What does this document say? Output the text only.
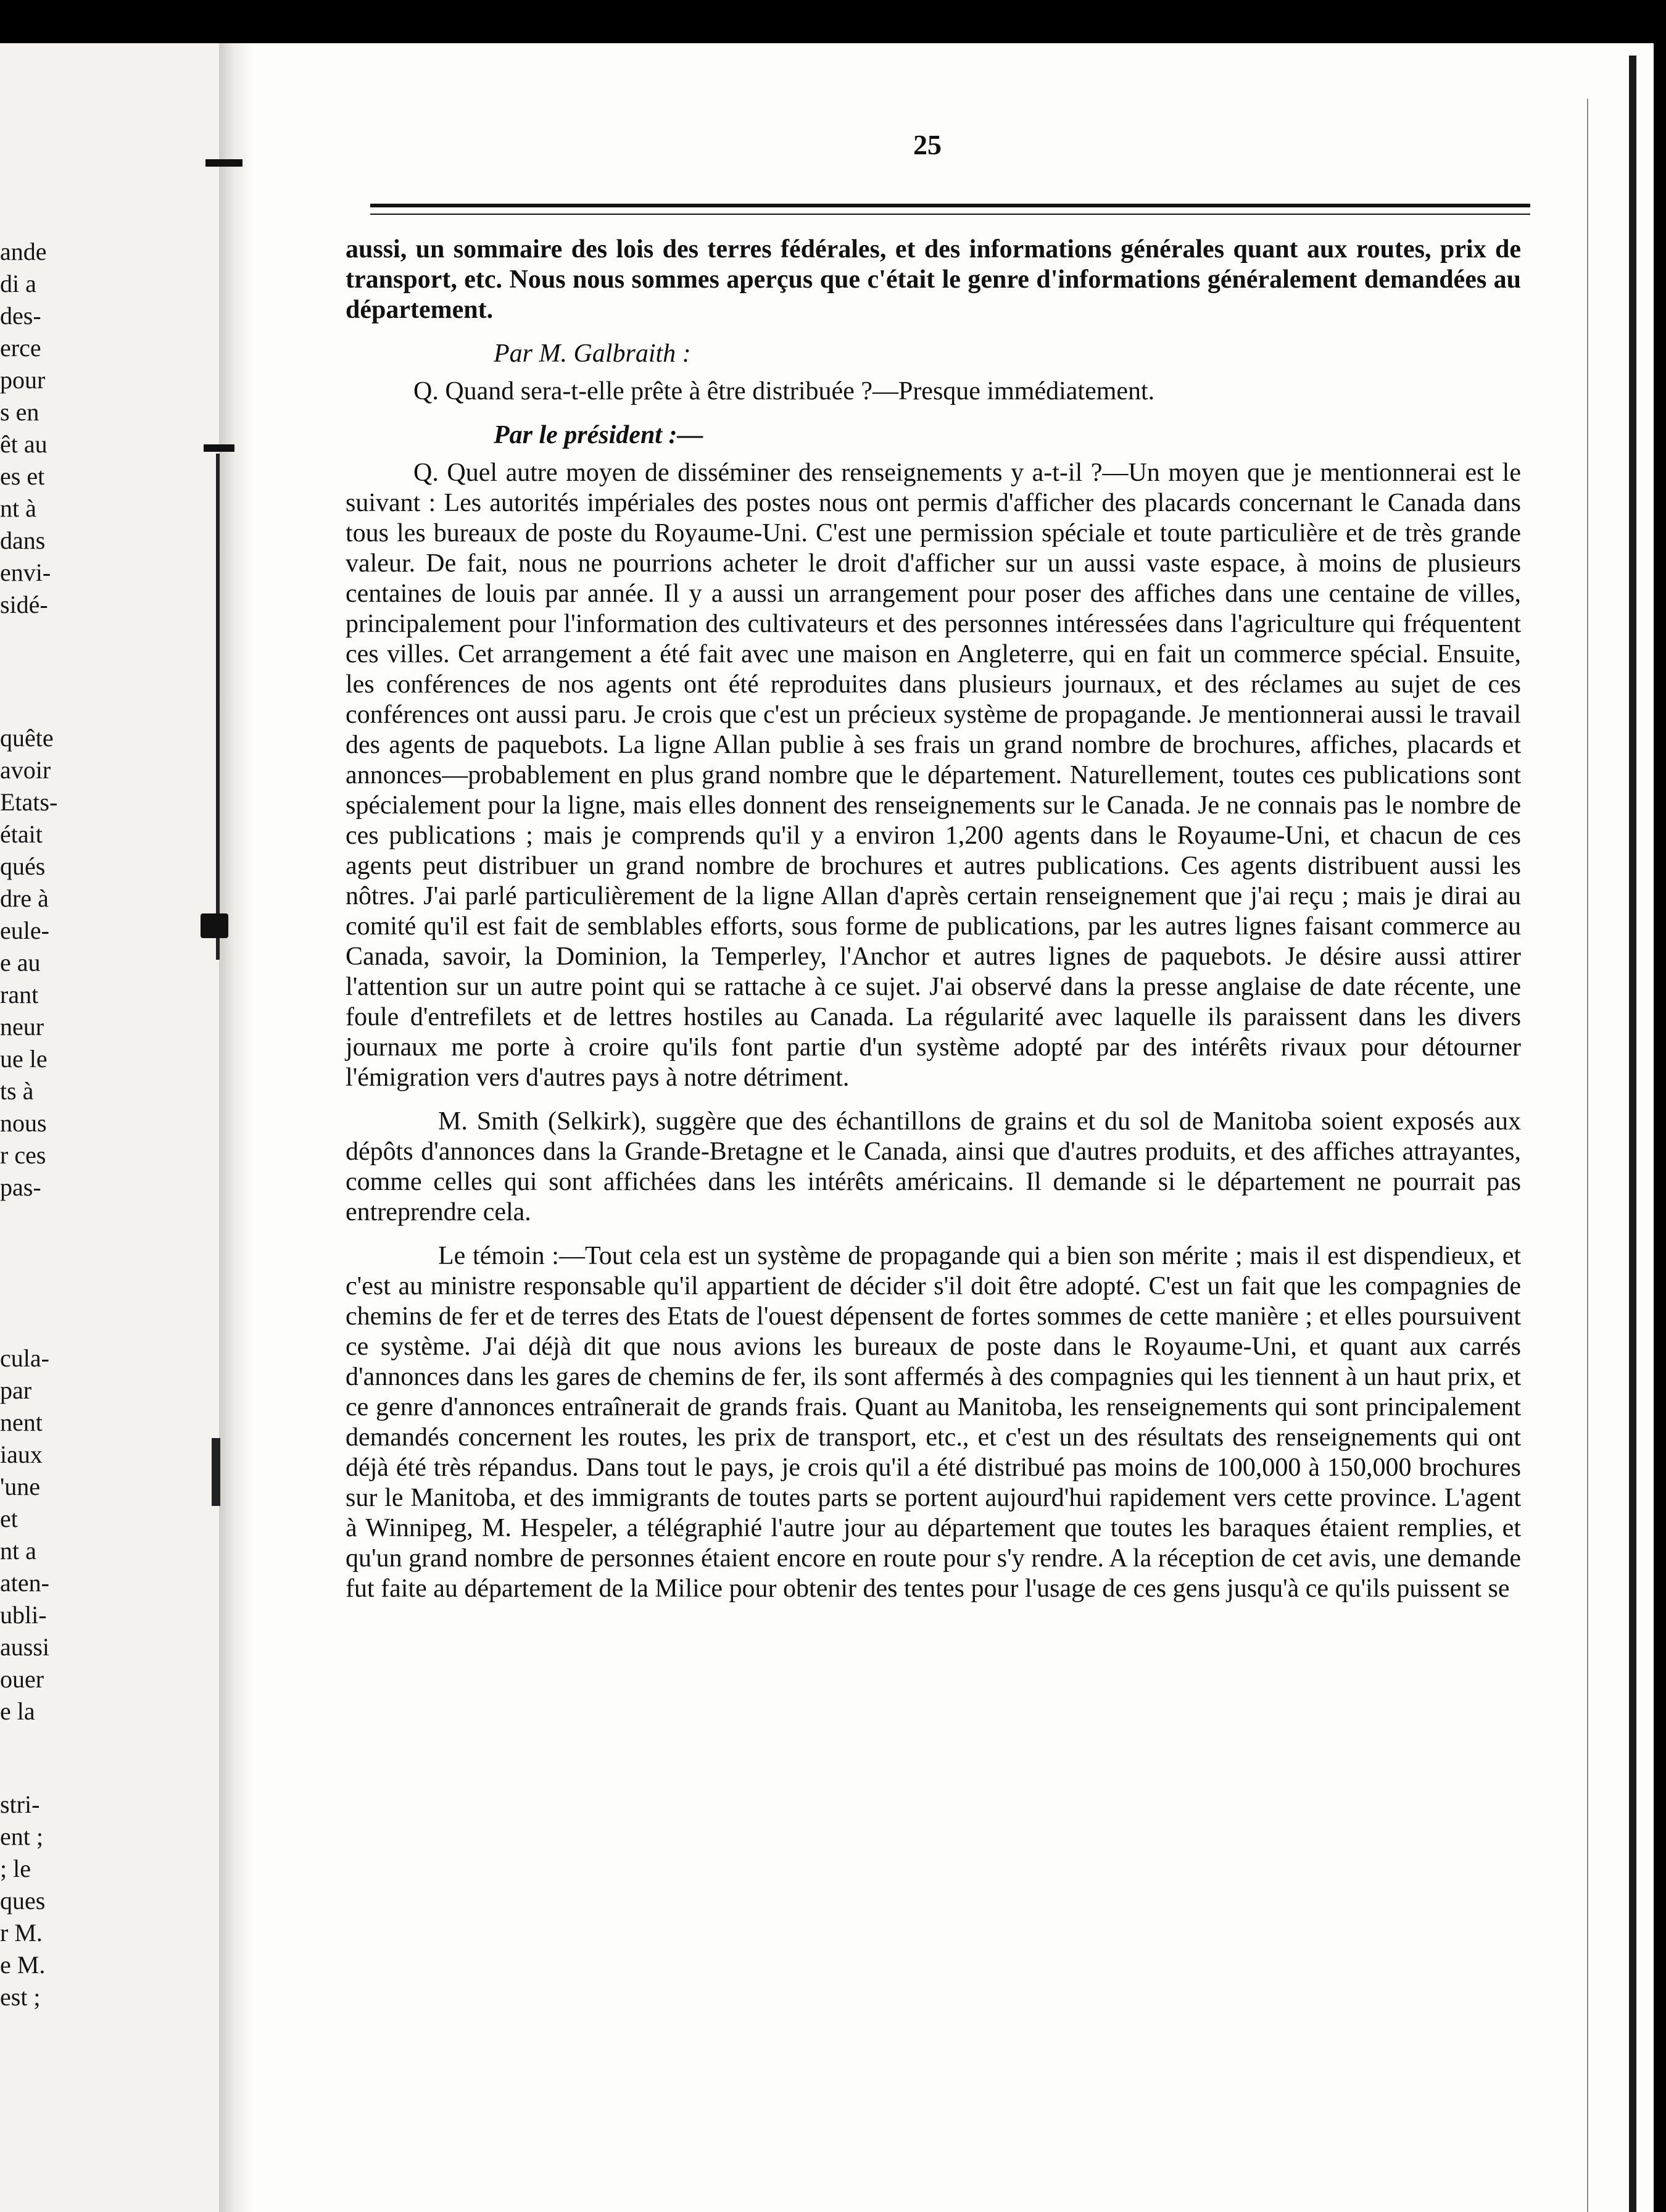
ande
di a
des-
erce
pour
s en
êt au
es et
nt à
dans
envi-
sidé-
quête
avoir
Etats-
était
qués
dre à
eule-
e au
rant
neur
ue le
ts à
nous
r ces
pas-
cula-
par
nent
iaux
'une
et
nt a
aten-
ubli-
aussi
ouer
e la
stri-
ent ;
; le
ques
r M.
e M.
est ;
25

aussi, un sommaire des lois des terres fédérales, et des informations générales quant aux routes, prix de transport, etc. Nous nous sommes aperçus que c'était le genre d'informations généralement demandées au département.

Par M. Galbraith :

Q. Quand sera-t-elle prête à être distribuée ?—Presque immédiatement.

Par le président :—

Q. Quel autre moyen de disséminer des renseignements y a-t-il ?—Un moyen que je mentionnerai est le suivant : Les autorités impériales des postes nous ont permis d'afficher des placards concernant le Canada dans tous les bureaux de poste du Royaume-Uni. C'est une permission spéciale et toute particulière et de très grande valeur. De fait, nous ne pourrions acheter le droit d'afficher sur un aussi vaste espace, à moins de plusieurs centaines de louis par année. Il y a aussi un arrangement pour poser des affiches dans une centaine de villes, principalement pour l'information des cultivateurs et des personnes intéressées dans l'agriculture qui fréquentent ces villes. Cet arrangement a été fait avec une maison en Angleterre, qui en fait un commerce spécial. Ensuite, les conférences de nos agents ont été reproduites dans plusieurs journaux, et des réclames au sujet de ces conférences ont aussi paru. Je crois que c'est un précieux système de propagande. Je mentionnerai aussi le travail des agents de paquebots. La ligne Allan publie à ses frais un grand nombre de brochures, affiches, placards et annonces—probablement en plus grand nombre que le département. Naturellement, toutes ces publications sont spécialement pour la ligne, mais elles donnent des renseignements sur le Canada. Je ne connais pas le nombre de ces publications ; mais je comprends qu'il y a environ 1,200 agents dans le Royaume-Uni, et chacun de ces agents peut distribuer un grand nombre de brochures et autres publications. Ces agents distribuent aussi les nôtres. J'ai parlé particulièrement de la ligne Allan d'après certain renseignement que j'ai reçu ; mais je dirai au comité qu'il est fait de semblables efforts, sous forme de publications, par les autres lignes faisant commerce au Canada, savoir, la Dominion, la Temperley, l'Anchor et autres lignes de paquebots. Je désire aussi attirer l'attention sur un autre point qui se rattache à ce sujet. J'ai observé dans la presse anglaise de date récente, une foule d'entrefilets et de lettres hostiles au Canada. La régularité avec laquelle ils paraissent dans les divers journaux me porte à croire qu'ils font partie d'un système adopté par des intérêts rivaux pour détourner l'émigration vers d'autres pays à notre détriment.

M. Smith (Selkirk), suggère que des échantillons de grains et du sol de Manitoba soient exposés aux dépôts d'annonces dans la Grande-Bretagne et le Canada, ainsi que d'autres produits, et des affiches attrayantes, comme celles qui sont affichées dans les intérêts américains. Il demande si le département ne pourrait pas entreprendre cela.

Le témoin :—Tout cela est un système de propagande qui a bien son mérite ; mais il est dispendieux, et c'est au ministre responsable qu'il appartient de décider s'il doit être adopté. C'est un fait que les compagnies de chemins de fer et de terres des Etats de l'ouest dépensent de fortes sommes de cette manière ; et elles poursuivent ce système. J'ai déjà dit que nous avions les bureaux de poste dans le Royaume-Uni, et quant aux carrés d'annonces dans les gares de chemins de fer, ils sont affermés à des compagnies qui les tiennent à un haut prix, et ce genre d'annonces entraînerait de grands frais. Quant au Manitoba, les renseignements qui sont principalement demandés concernent les routes, les prix de transport, etc., et c'est un des résultats des renseignements qui ont déjà été très répandus. Dans tout le pays, je crois qu'il a été distribué pas moins de 100,000 à 150,000 brochures sur le Manitoba, et des immigrants de toutes parts se portent aujourd'hui rapidement vers cette province. L'agent à Winnipeg, M. Hespeler, a télégraphié l'autre jour au département que toutes les baraques étaient remplies, et qu'un grand nombre de personnes étaient encore en route pour s'y rendre. A la réception de cet avis, une demande fut faite au département de la Milice pour obtenir des tentes pour l'usage de ces gens jusqu'à ce qu'ils puissent se
